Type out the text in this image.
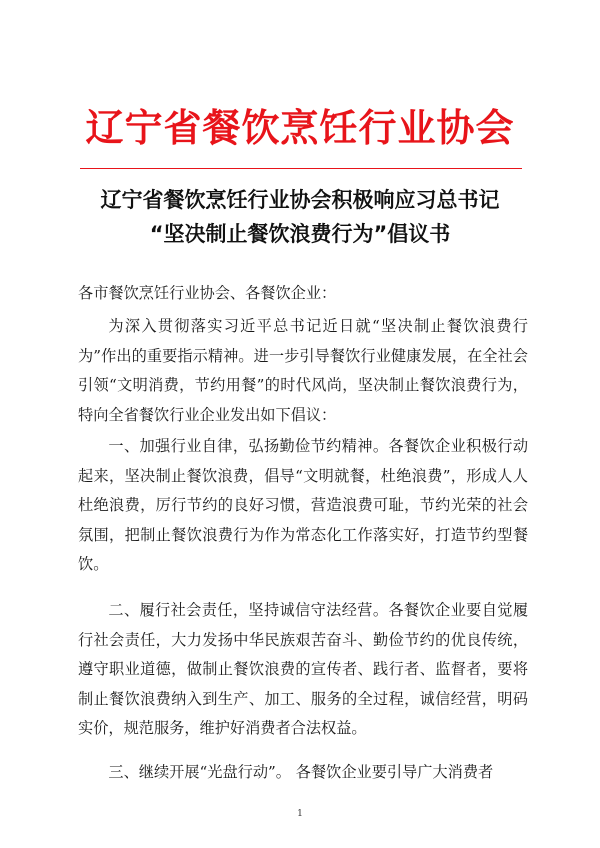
辽宁省餐饮烹饪行业协会
辽宁省餐饮烹饪行业协会积极响应习总书记
“坚决制止餐饮浪费行为”倡议书

各市餐饮烹饪行业协会、各餐饮企业：

为深入贯彻落实习近平总书记近日就“坚决制止餐饮浪费行为”作出的重要指示精神。进一步引导餐饮行业健康发展，在全社会引领“文明消费，节约用餐”的时代风尚，坚决制止餐饮浪费行为，特向全省餐饮行业企业发出如下倡议：

一、加强行业自律，弘扬勤俭节约精神。各餐饮企业积极行动起来，坚决制止餐饮浪费，倡导“文明就餐，杜绝浪费”，形成人人杜绝浪费，厉行节约的良好习惯，营造浪费可耻，节约光荣的社会氛围，把制止餐饮浪费行为作为常态化工作落实好，打造节约型餐饮。

二、履行社会责任，坚持诚信守法经营。各餐饮企业要自觉履行社会责任，大力发扬中华民族艰苦奋斗、勤俭节约的优良传统，遵守职业道德，做制止餐饮浪费的宣传者、践行者、监督者，要将制止餐饮浪费纳入到生产、加工、服务的全过程，诚信经营，明码实价，规范服务，维护好消费者合法权益。

三、继续开展“光盘行动”。 各餐饮企业要引导广大消费者

1
